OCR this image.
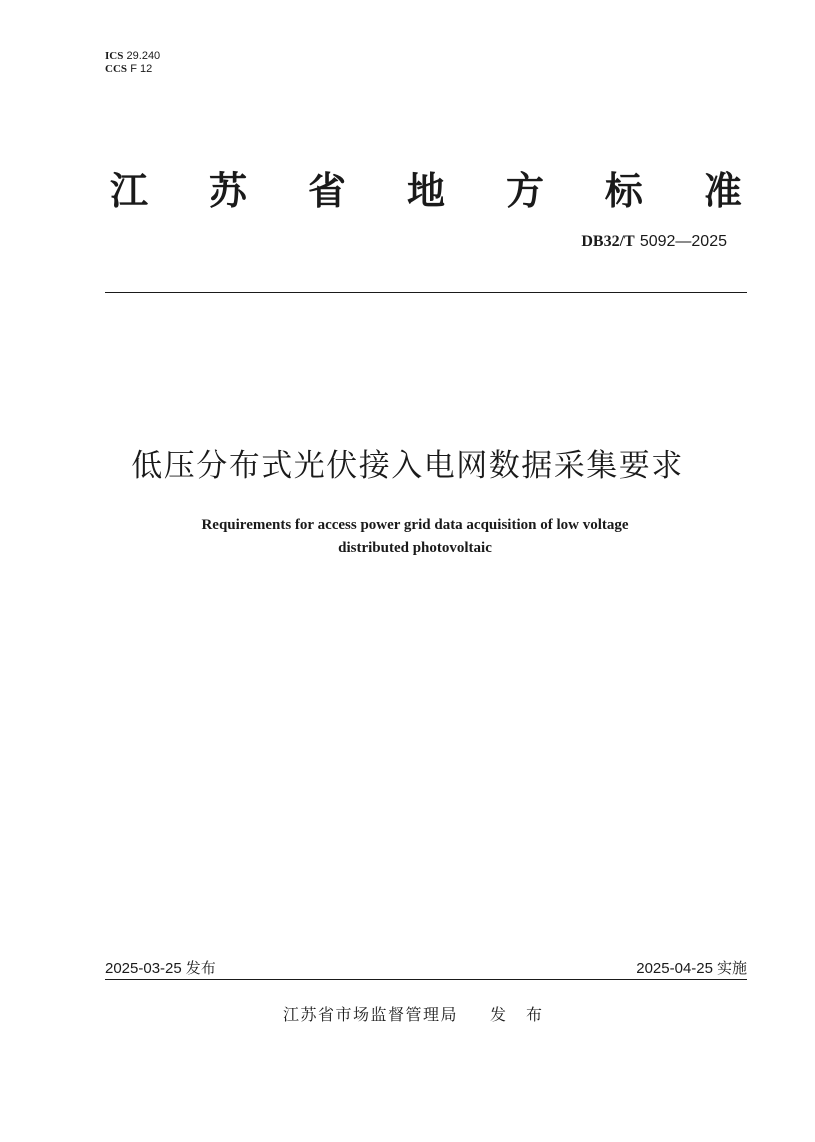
ICS 29.240
CCS F 12
江 苏 省 地 方 标 准
DB32/T 5092—2025
低压分布式光伏接入电网数据采集要求
Requirements for access power grid data acquisition of low voltage
distributed photovoltaic
2025-03-25 发布	2025-04-25 实施
江苏省市场监督管理局 发布
